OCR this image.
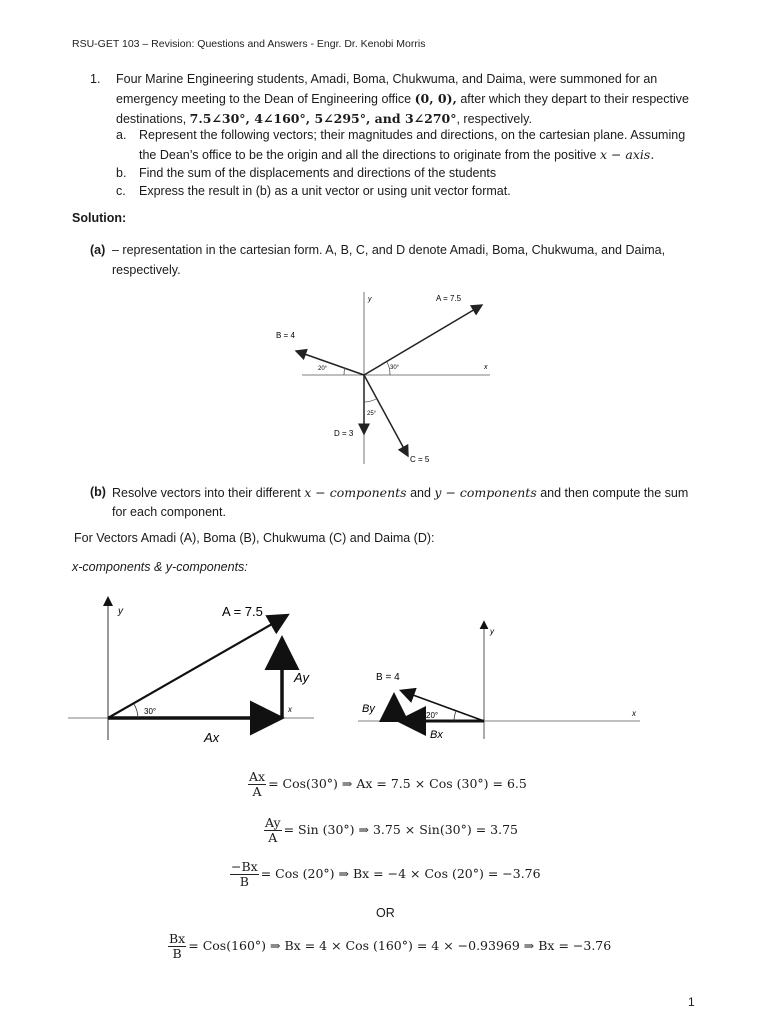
RSU-GET 103 – Revision: Questions and Answers - Engr. Dr. Kenobi Morris
1. Four Marine Engineering students, Amadi, Boma, Chukwuma, and Daima, were summoned for an
emergency meeting to the Dean of Engineering office (0, 0), after which they depart to their respective
destinations, 7.5∠30°, 4∠160°, 5∠295°, and 3∠270°, respectively.
a. Represent the following vectors; their magnitudes and directions, on the cartesian plane. Assuming
the Dean’s office to be the origin and all the directions to originate from the positive x − axis.
b. Find the sum of the displacements and directions of the students
c. Express the result in (b) as a unit vector or using unit vector format.
Solution:
(a) – representation in the cartesian form. A, B, C, and D denote Amadi, Boma, Chukwuma, and Daima, respectively.
y
x
A = 7.5
B = 4
C = 5
D = 3
30°
20°
25°
(b) Resolve vectors into their different x − components and y − components and then compute the sum
for each component.
For Vectors Amadi (A), Boma (B), Chukwuma (C) and Daima (D):
x-components & y-components:
y
x
30°
A = 7.5
Ay
Ax
y
x
20°
B = 4
By
Bx
$\frac{Ax}{A} = Cos(30^\circ)$ ⇒ Ax = 7.5 × Cos (30°) = 6.5
$\frac{Ay}{A}$ = Sin (30°) ⇒ 3.75 × Sin(30°) = 3.75
$\frac{-Bx}{B}$ = Cos (20°) ⇒ Bx = −4 × Cos (20°) = −3.76
OR
$\frac{Bx}{B} = Cos(160^\circ)$ ⇒ Bx = 4 × Cos (160°) = 4 × −0.93969 ⇒ Bx = −3.76
1
